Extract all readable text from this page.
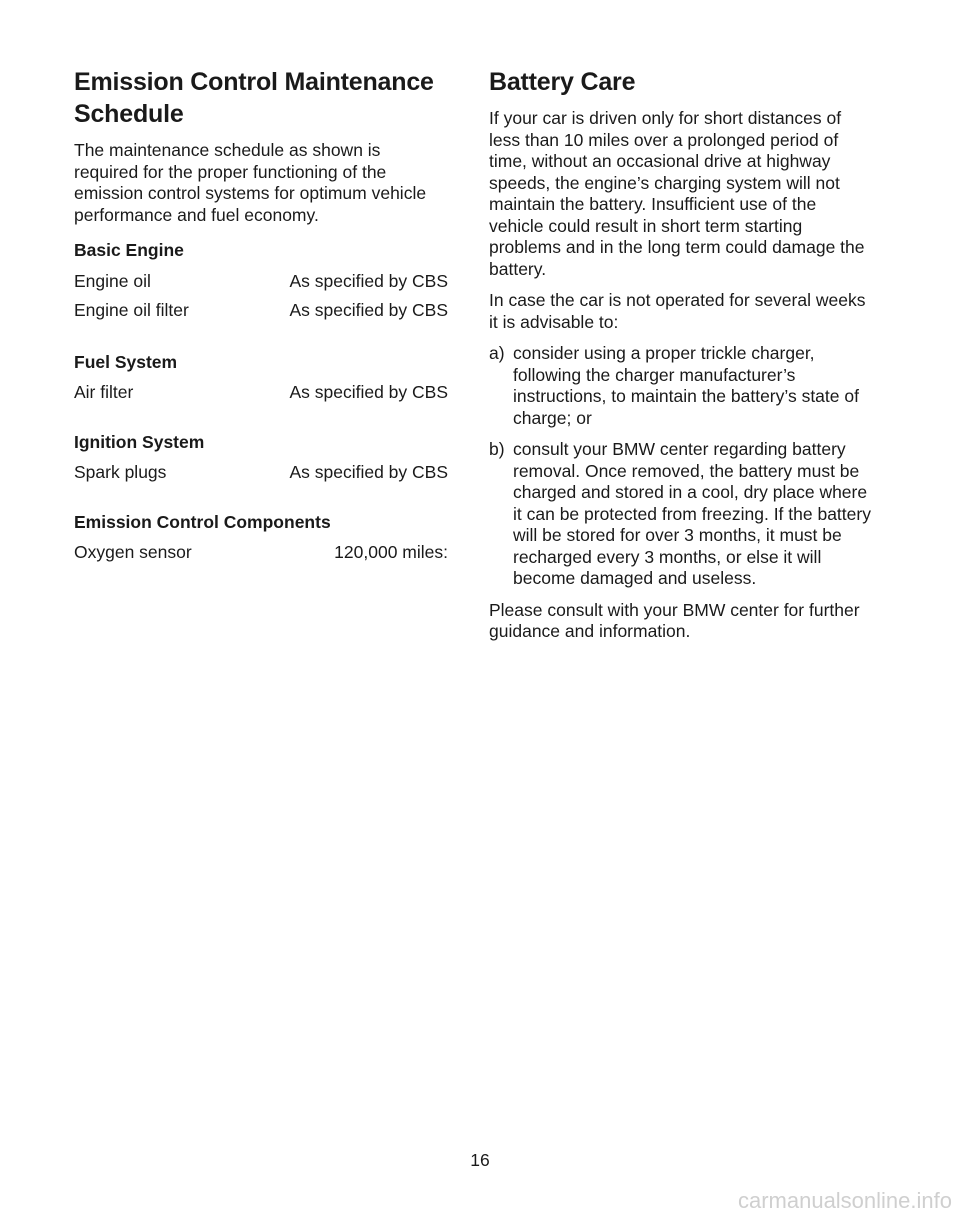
Emission Control Maintenance Schedule

The maintenance schedule as shown is required for the proper functioning of the emission control systems for optimum vehicle performance and fuel economy.

Basic Engine
Engine oil	As specified by CBS
Engine oil filter	As specified by CBS
Fuel System
Air filter	As specified by CBS
Ignition System
Spark plugs	As specified by CBS
Emission Control Components
Oxygen sensor	120,000 miles:
Battery Care

If your car is driven only for short distances of less than 10 miles over a prolonged period of time, without an occasional drive at highway speeds, the engine’s charging system will not maintain the battery. Insufficient use of the vehicle could result in short term starting problems and in the long term could damage the battery.

In case the car is not operated for several weeks it is advisable to:

a) consider using a proper trickle charger, following the charger manufacturer’s instructions, to maintain the battery’s state of charge; or
b) consult your BMW center regarding battery removal. Once removed, the battery must be charged and stored in a cool, dry place where it can be protected from freezing. If the battery will be stored for over 3 months, it must be recharged every 3 months, or else it will become damaged and useless.

Please consult with your BMW center for further guidance and information.

16
carmanualsonline.info
